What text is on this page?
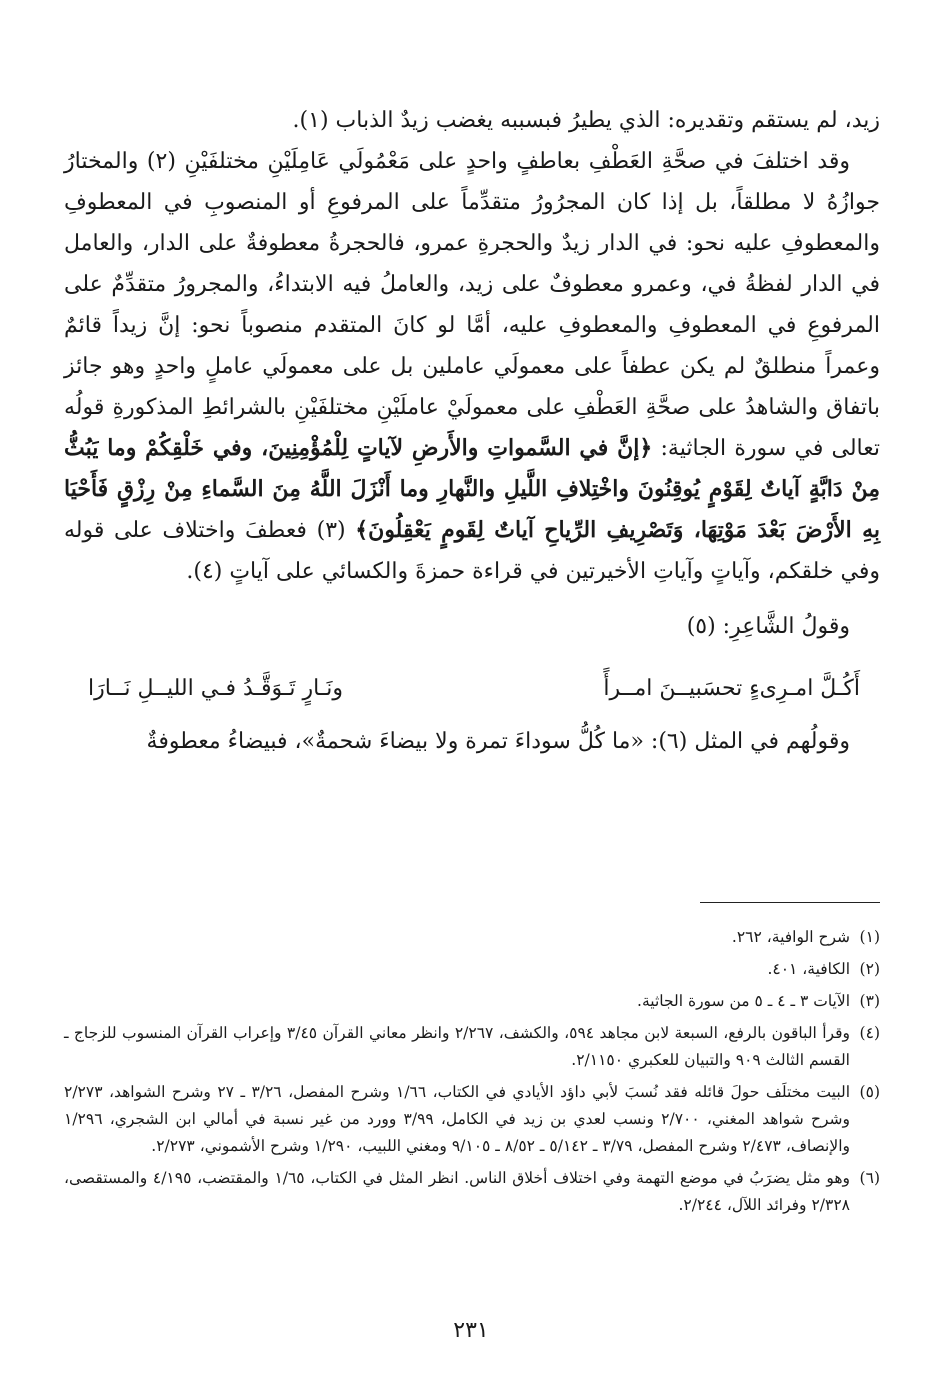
زيد، لم يستقم وتقديره: الذي يطيرُ فبسببه يغضب زيدٌ الذباب (١).

وقد اختلفَ في صحَّةِ العَطْفِ بعاطفٍ واحدٍ على مَعْمُولَي عَامِلَيْنِ مختلفَيْنِ (٢) والمختارُ جوازُهُ لا مطلقاً، بل إذا كان المجرُورُ متقدِّماً على المرفوعِ أو المنصوبِ في المعطوفِ والمعطوفِ عليه نحو: في الدار زيدٌ والحجرةِ عمرو، فالحجرةُ معطوفةٌ على الدار، والعامل في الدار لفظةُ في، وعمرو معطوفٌ على زيد، والعاملُ فيه الابتداءُ، والمجرورُ متقدِّمٌ على المرفوعِ في المعطوفِ والمعطوفِ عليه، أمَّا لو كانَ المتقدم منصوباً نحو: إنَّ زيداً قائمٌ وعمراً منطلقٌ لم يكن عطفاً على معمولَي عاملين بل على معمولَي عاملٍ واحدٍ وهو جائز باتفاق والشاهدُ على صحَّةِ العَطْفِ على معمولَيْ عاملَيْنِ مختلفَيْنِ بالشرائطِ المذكورةِ قولُه تعالى في سورة الجاثية: ﴿إنَّ في السَّمواتِ والأَرضِ لآياتٍ لِلْمُؤْمِنِينَ، وفي خَلْقِكُمْ وما يَبُثُّ مِنْ دَابَّةٍ آياتٌ لِقَوْمٍ يُوقِنُونَ واخْتِلافِ اللَّيلِ والنَّهارِ وما أَنْزَلَ اللَّهُ مِنَ السَّماءِ مِنْ رِزْقٍ فَأَحْيَا بِهِ الأَرْضَ بَعْدَ مَوْتِهَا، وَتَصْرِيفِ الرِّياحِ آياتٌ لِقَومٍ يَعْقِلُونَ﴾ (٣) فعطفَ واختلاف على قوله وفي خلقكم، وآياتٍ وآياتِ الأخيرتين في قراءة حمزةَ والكسائي على آياتٍ (٤).

وقولُ الشَّاعِرِ: (٥)

أَكُـلَّ امـرِىءٍ تحسَبيــنَ امــرأً
ونَـارٍ تَـوَقَّـدُ فـي الليــلِ نَــارَا

وقولُهم في المثل (٦): «ما كُلُّ سوداءَ تمرة ولا بيضاءَ شحمةٌ»، فبيضاءُ معطوفةٌ

(١)
شرح الوافية، ٢٦٢.

(٢)
الكافية، ٤٠١.

(٣)
الآيات ٣ ـ ٤ ـ ٥ من سورة الجاثية.

(٤)
وقرأ الباقون بالرفع، السبعة لابن مجاهد ٥٩٤، والكشف، ٢/٢٦٧ وانظر معاني القرآن ٣/٤٥ وإعراب القرآن المنسوب للزجاج ـ القسم الثالث ٩٠٩ والتبيان للعكبري ٢/١١٥٠.

(٥)
البيت مختلَف حولَ قائله فقد نُسبَ لأبي داؤد الأيادي في الكتاب، ١/٦٦ وشرح المفصل، ٣/٢٦ ـ ٢٧ وشرح الشواهد، ٢/٢٧٣ وشرح شواهد المغني، ٢/٧٠٠ ونسب لعدي بن زيد في الكامل، ٣/٩٩ وورد من غير نسبة في أمالي ابن الشجري، ١/٢٩٦ والإنصاف، ٢/٤٧٣ وشرح المفصل، ٣/٧٩ ـ ٥/١٤٢ ـ ٨/٥٢ ـ ٩/١٠٥ ومغني اللبيب، ١/٢٩٠ وشرح الأشموني، ٢/٢٧٣.

(٦)
وهو مثل يضرَبُ في موضع التهمة وفي اختلاف أخلاق الناس. انظر المثل في الكتاب، ١/٦٥ والمقتضب، ٤/١٩٥ والمستقصى، ٢/٣٢٨ وفرائد اللآل، ٢/٢٤٤.

٢٣١
